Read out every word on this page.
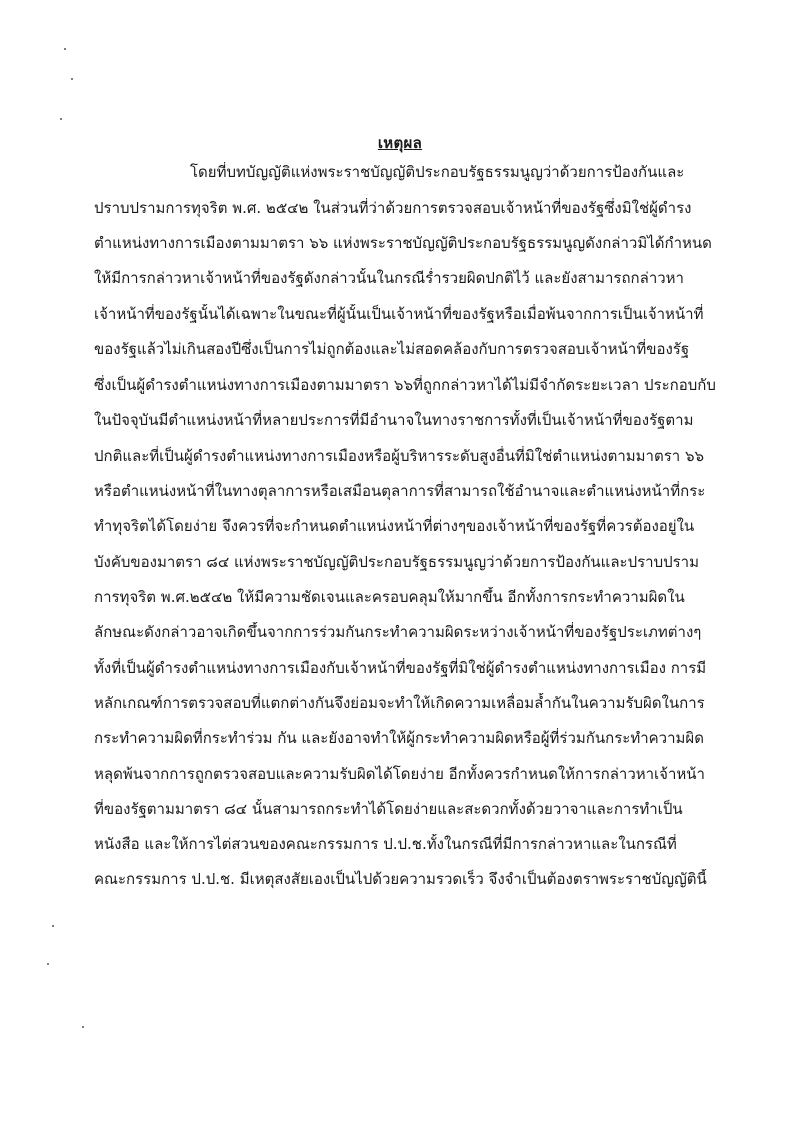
เหตุผล
โดยที่บทบัญญัติแห่งพระราชบัญญัติประกอบรัฐธรรมนูญว่าด้วยการป้องกันและ
ปราบปรามการทุจริต พ.ศ. ๒๕๔๒ ในส่วนที่ว่าด้วยการตรวจสอบเจ้าหน้าที่ของรัฐซึ่งมิใช่ผู้ดำรง
ตำแหน่งทางการเมืองตามมาตรา ๖๖ แห่งพระราชบัญญัติประกอบรัฐธรรมนูญดังกล่าวมิได้กำหนด
ให้มีการกล่าวหาเจ้าหน้าที่ของรัฐดังกล่าวนั้นในกรณีร่ำรวยผิดปกติไว้ และยังสามารถกล่าวหา
เจ้าหน้าที่ของรัฐนั้นได้เฉพาะในขณะที่ผู้นั้นเป็นเจ้าหน้าที่ของรัฐหรือเมื่อพ้นจากการเป็นเจ้าหน้าที่
ของรัฐแล้วไม่เกินสองปีซึ่งเป็นการไม่ถูกต้องและไม่สอดคล้องกับการตรวจสอบเจ้าหน้าที่ของรัฐ
ซึ่งเป็นผู้ดำรงตำแหน่งทางการเมืองตามมาตรา ๖๖ที่ถูกกล่าวหาได้ไม่มีจำกัดระยะเวลา ประกอบกับ
ในปัจจุบันมีตำแหน่งหน้าที่หลายประการที่มีอำนาจในทางราชการทั้งที่เป็นเจ้าหน้าที่ของรัฐตาม
ปกติและที่เป็นผู้ดำรงตำแหน่งทางการเมืองหรือผู้บริหารระดับสูงอื่นที่มิใช่ตำแหน่งตามมาตรา ๖๖
หรือตำแหน่งหน้าที่ในทางตุลาการหรือเสมือนตุลาการที่สามารถใช้อำนาจและตำแหน่งหน้าที่กระ
ทำทุจริตได้โดยง่าย จึงควรที่จะกำหนดตำแหน่งหน้าที่ต่างๆของเจ้าหน้าที่ของรัฐที่ควรต้องอยู่ใน
บังคับของมาตรา ๘๔ แห่งพระราชบัญญัติประกอบรัฐธรรมนูญว่าด้วยการป้องกันและปราบปราม
การทุจริต พ.ศ.๒๕๔๒ ให้มีความชัดเจนและครอบคลุมให้มากขึ้น อีกทั้งการกระทำความผิดใน
ลักษณะดังกล่าวอาจเกิดขึ้นจากการร่วมกันกระทำความผิดระหว่างเจ้าหน้าที่ของรัฐประเภทต่างๆ
ทั้งที่เป็นผู้ดำรงตำแหน่งทางการเมืองกับเจ้าหน้าที่ของรัฐที่มิใช่ผู้ดำรงตำแหน่งทางการเมือง การมี
หลักเกณฑ์การตรวจสอบที่แตกต่างกันจึงย่อมจะทำให้เกิดความเหลื่อมล้ำกันในความรับผิดในการ
กระทำความผิดที่กระทำร่วม กัน และยังอาจทำให้ผู้กระทำความผิดหรือผู้ที่ร่วมกันกระทำความผิด
หลุดพ้นจากการถูกตรวจสอบและความรับผิดได้โดยง่าย อีกทั้งควรกำหนดให้การกล่าวหาเจ้าหน้า
ที่ของรัฐตามมาตรา ๘๔ นั้นสามารถกระทำได้โดยง่ายและสะดวกทั้งด้วยวาจาและการทำเป็น
หนังสือ และให้การไต่สวนของคณะกรรมการ ป.ป.ช.ทั้งในกรณีที่มีการกล่าวหาและในกรณีที่
คณะกรรมการ ป.ป.ช. มีเหตุสงสัยเองเป็นไปด้วยความรวดเร็ว จึงจำเป็นต้องตราพระราชบัญญัตินี้
